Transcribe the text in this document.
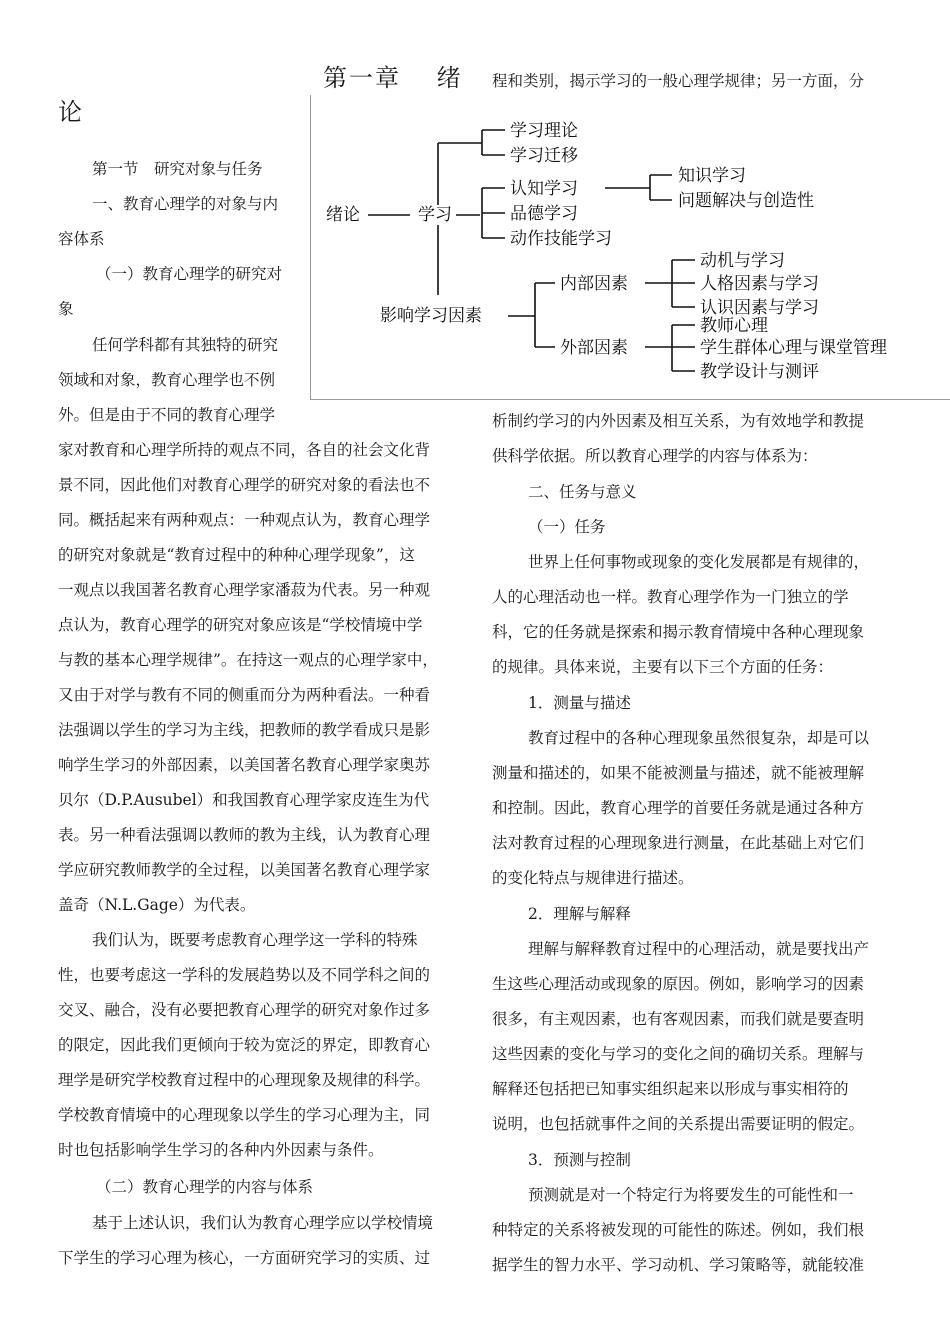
第一章　 绪
论
程和类别，揭示学习的一般心理学规律；另一方面，分
绪论	学习
学习理论
学习迁移
认知学习
品德学习
动作技能学习
知识学习
问题解决与创造性
影响学习因素
内部因素
外部因素
动机与学习
人格因素与学习
认识因素与学习
教师心理
学生群体心理与课堂管理
教学设计与测评
第一节　研究对象与任务
一、教育心理学的对象与内
容体系
（一）教育心理学的研究对
象
任何学科都有其独特的研究
领域和对象，教育心理学也不例
外。但是由于不同的教育心理学
家对教育和心理学所持的观点不同，各自的社会文化背
景不同，因此他们对教育心理学的研究对象的看法也不
同。概括起来有两种观点：一种观点认为，教育心理学
的研究对象就是“教育过程中的种种心理学现象”，这
一观点以我国著名教育心理学家潘菽为代表。另一种观
点认为，教育心理学的研究对象应该是“学校情境中学
与教的基本心理学规律”。在持这一观点的心理学家中，
又由于对学与教有不同的侧重而分为两种看法。一种看
法强调以学生的学习为主线，把教师的教学看成只是影
响学生学习的外部因素，以美国著名教育心理学家奥苏
贝尔（D.P.Ausubel）和我国教育心理学家皮连生为代
表。另一种看法强调以教师的教为主线，认为教育心理
学应研究教师教学的全过程，以美国著名教育心理学家
盖奇（N.L.Gage）为代表。
我们认为，既要考虑教育心理学这一学科的特殊
性，也要考虑这一学科的发展趋势以及不同学科之间的
交叉、融合，没有必要把教育心理学的研究对象作过多
的限定，因此我们更倾向于较为宽泛的界定，即教育心
理学是研究学校教育过程中的心理现象及规律的科学。
学校教育情境中的心理现象以学生的学习心理为主，同
时也包括影响学生学习的各种内外因素与条件。
（二）教育心理学的内容与体系
基于上述认识，我们认为教育心理学应以学校情境
下学生的学习心理为核心，一方面研究学习的实质、过
析制约学习的内外因素及相互关系，为有效地学和教提
供科学依据。所以教育心理学的内容与体系为：
二、任务与意义
（一）任务
世界上任何事物或现象的变化发展都是有规律的，
人的心理活动也一样。教育心理学作为一门独立的学
科，它的任务就是探索和揭示教育情境中各种心理现象
的规律。具体来说，主要有以下三个方面的任务：
1．测量与描述
教育过程中的各种心理现象虽然很复杂，却是可以
测量和描述的，如果不能被测量与描述，就不能被理解
和控制。因此，教育心理学的首要任务就是通过各种方
法对教育过程的心理现象进行测量，在此基础上对它们
的变化特点与规律进行描述。
2．理解与解释
理解与解释教育过程中的心理活动，就是要找出产
生这些心理活动或现象的原因。例如，影响学习的因素
很多，有主观因素，也有客观因素，而我们就是要查明
这些因素的变化与学习的变化之间的确切关系。理解与
解释还包括把已知事实组织起来以形成与事实相符的
说明，也包括就事件之间的关系提出需要证明的假定。
3．预测与控制
预测就是对一个特定行为将要发生的可能性和一
种特定的关系将被发现的可能性的陈述。例如，我们根
据学生的智力水平、学习动机、学习策略等，就能较准
